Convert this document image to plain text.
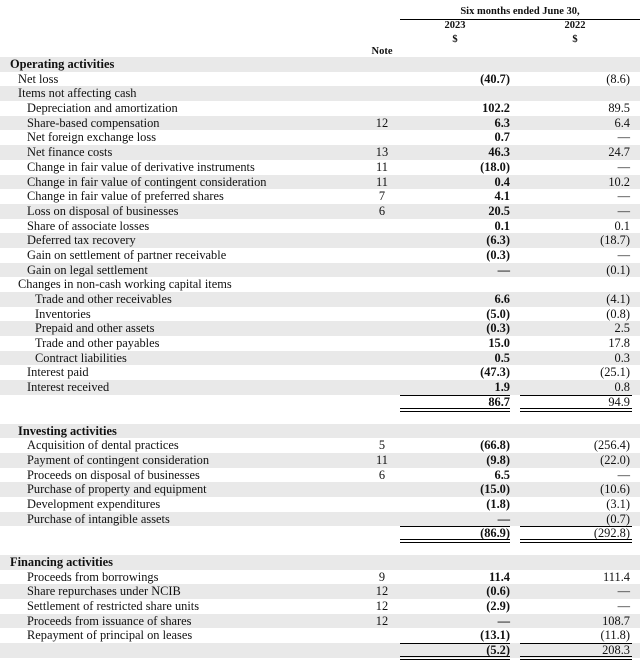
Six months ended June 30,
2023	2022
$	$
Note
Operating activities
Net loss	(40.7)	(8.6)
Items not affecting cash
Depreciation and amortization	102.2	89.5
Share-based compensation	12	6.3	6.4
Net foreign exchange loss	0.7	—
Net finance costs	13	46.3	24.7
Change in fair value of derivative instruments	11	(18.0)	—
Change in fair value of contingent consideration	11	0.4	10.2
Change in fair value of preferred shares	7	4.1	—
Loss on disposal of businesses	6	20.5	—
Share of associate losses	0.1	0.1
Deferred tax recovery	(6.3)	(18.7)
Gain on settlement of partner receivable	(0.3)	—
Gain on legal settlement	—	(0.1)
Changes in non-cash working capital items
Trade and other receivables	6.6	(4.1)
Inventories	(5.0)	(0.8)
Prepaid and other assets	(0.3)	2.5
Trade and other payables	15.0	17.8
Contract liabilities	0.5	0.3
Interest paid	(47.3)	(25.1)
Interest received	1.9	0.8
86.7	94.9
Investing activities
Acquisition of dental practices	5	(66.8)	(256.4)
Payment of contingent consideration	11	(9.8)	(22.0)
Proceeds on disposal of businesses	6	6.5	—
Purchase of property and equipment	(15.0)	(10.6)
Development expenditures	(1.8)	(3.1)
Purchase of intangible assets	—	(0.7)
(86.9)	(292.8)
Financing activities
Proceeds from borrowings	9	11.4	111.4
Share repurchases under NCIB	12	(0.6)	—
Settlement of restricted share units	12	(2.9)	—
Proceeds from issuance of shares	12	—	108.7
Repayment of principal on leases	(13.1)	(11.8)
(5.2)	208.3
